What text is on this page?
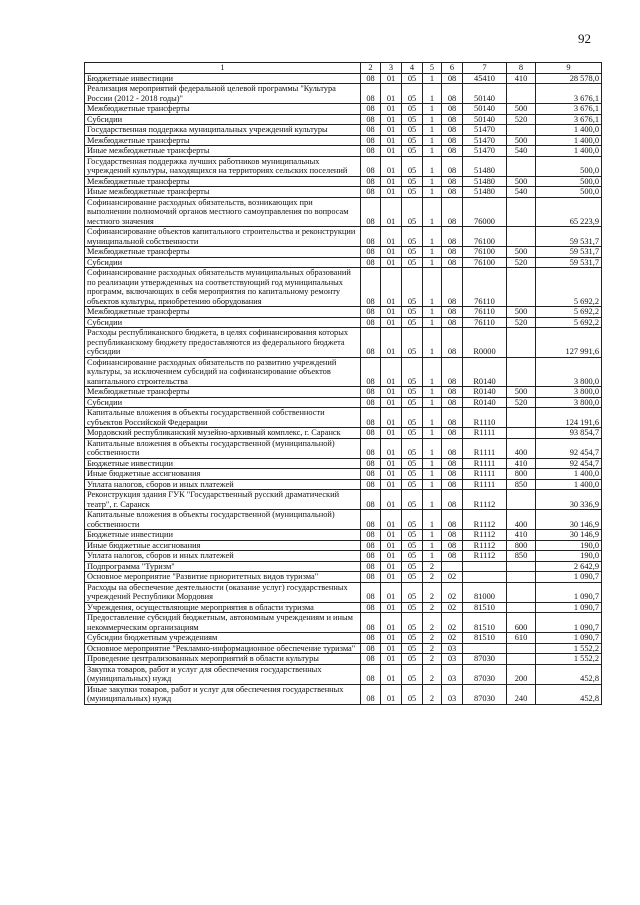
92
1	2	3	4	5	6	7	8	9
Бюджетные инвестиции	08	01	05	1	08	45410	410	28 578,0
Реализация мероприятий федеральной целевой программы "Культура России (2012 - 2018 годы)"	08	01	05	1	08	50140		3 676,1
Межбюджетные трансферты	08	01	05	1	08	50140	500	3 676,1
Субсидии	08	01	05	1	08	50140	520	3 676,1
Государственная поддержка муниципальных учреждений культуры	08	01	05	1	08	51470		1 400,0
Межбюджетные трансферты	08	01	05	1	08	51470	500	1 400,0
Иные межбюджетные трансферты	08	01	05	1	08	51470	540	1 400,0
Государственная поддержка лучших работников муниципальных учреждений культуры, находящихся на территориях сельских поселений	08	01	05	1	08	51480		500,0
Межбюджетные трансферты	08	01	05	1	08	51480	500	500,0
Иные межбюджетные трансферты	08	01	05	1	08	51480	540	500,0
Софинансирование расходных обязательств, возникающих при выполнении полномочий органов местного самоуправления по вопросам местного значения	08	01	05	1	08	76000		65 223,9
Софинансирование объектов капитального строительства и реконструкции муниципальной собственности	08	01	05	1	08	76100		59 531,7
Межбюджетные трансферты	08	01	05	1	08	76100	500	59 531,7
Субсидии	08	01	05	1	08	76100	520	59 531,7
Софинансирование расходных обязательств муниципальных образований по реализации утвержденных на соответствующий год муниципальных программ, включающих в себя мероприятия по капитальному ремонту объектов культуры, приобретению оборудования	08	01	05	1	08	76110		5 692,2
Межбюджетные трансферты	08	01	05	1	08	76110	500	5 692,2
Субсидии	08	01	05	1	08	76110	520	5 692,2
Расходы республиканского бюджета, в целях софинансирования которых республиканскому бюджету предоставляются из федерального бюджета субсидии	08	01	05	1	08	R0000		127 991,6
Софинансирование расходных обязательств по развитию учреждений культуры, за исключением субсидий на софинансирование объектов капитального строительства	08	01	05	1	08	R0140		3 800,0
Межбюджетные трансферты	08	01	05	1	08	R0140	500	3 800,0
Субсидии	08	01	05	1	08	R0140	520	3 800,0
Капитальные вложения в объекты государственной собственности субъектов Российской Федерации	08	01	05	1	08	R1110		124 191,6
Мордовский республиканский музейно-архивный комплекс, г. Саранск	08	01	05	1	08	R1111		93 854,7
Капитальные вложения в объекты государственной (муниципальной) собственности	08	01	05	1	08	R1111	400	92 454,7
Бюджетные инвестиции	08	01	05	1	08	R1111	410	92 454,7
Иные бюджетные ассигнования	08	01	05	1	08	R1111	800	1 400,0
Уплата налогов, сборов и иных платежей	08	01	05	1	08	R1111	850	1 400,0
Реконструкция здания ГУК "Государственный русский драматический театр", г. Саранск	08	01	05	1	08	R1112		30 336,9
Капитальные вложения в объекты государственной (муниципальной) собственности	08	01	05	1	08	R1112	400	30 146,9
Бюджетные инвестиции	08	01	05	1	08	R1112	410	30 146,9
Иные бюджетные ассигнования	08	01	05	1	08	R1112	800	190,0
Уплата налогов, сборов и иных платежей	08	01	05	1	08	R1112	850	190,0
Подпрограмма "Туризм"	08	01	05	2				2 642,9
Основное мероприятие "Развитие приоритетных видов туризма"	08	01	05	2	02			1 090,7
Расходы на обеспечение деятельности (оказание услуг) государственных учреждений Республики Мордовия	08	01	05	2	02	81000		1 090,7
Учреждения, осуществляющие мероприятия в области туризма	08	01	05	2	02	81510		1 090,7
Предоставление субсидий бюджетным, автономным учреждениям и иным некоммерческим организациям	08	01	05	2	02	81510	600	1 090,7
Субсидии бюджетным учреждениям	08	01	05	2	02	81510	610	1 090,7
Основное мероприятие "Рекламно-информационное обеспечение туризма"	08	01	05	2	03			1 552,2
Проведение централизованных мероприятий в области культуры	08	01	05	2	03	87030		1 552,2
Закупка товаров, работ и услуг для обеспечения государственных (муниципальных) нужд	08	01	05	2	03	87030	200	452,8
Иные закупки товаров, работ и услуг для обеспечения государственных (муниципальных) нужд	08	01	05	2	03	87030	240	452,8
